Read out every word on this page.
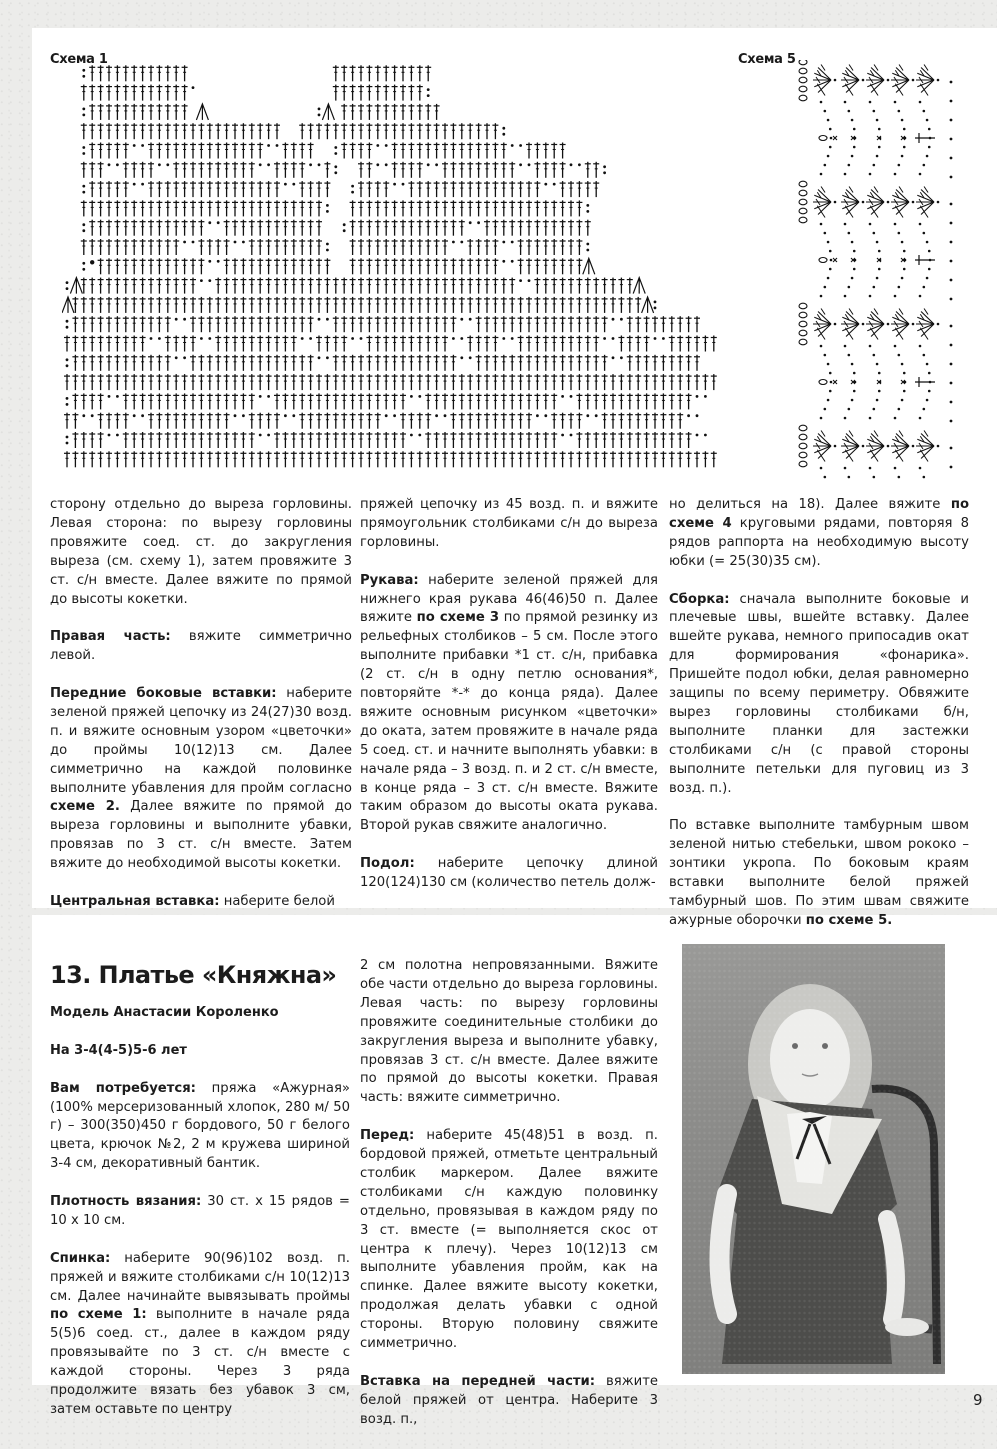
Схема 1	Схема 5

сторону отдельно до выреза горловины. Левая сторона: по вырезу горловины провяжите соед. ст. до закругления выреза (см. схему 1), затем провяжите 3 ст. с/н вместе. Далее вяжите по прямой до высоты кокетки.

Правая часть: вяжите симметрично левой.

Передние боковые вставки: наберите зеленой пряжей цепочку из 24(27)30 возд. п. и вяжите основным узором «цветочки» до проймы 10(12)13 см. Далее симметрично на каждой половинке выполните убавления для пройм согласно схеме 2. Далее вяжите по прямой до выреза горловины и выполните убавки, провязав по 3 ст. с/н вместе. Затем вяжите до необходимой высоты кокетки.

Центральная вставка: наберите белой

пряжей цепочку из 45 возд. п. и вяжите прямоугольник столбиками с/н до выреза горловины.

Рукава: наберите зеленой пряжей для нижнего края рукава 46(46)50 п. Далее вяжите по схеме 3 по прямой резинку из рельефных столбиков – 5 см. После этого выполните прибавки *1 ст. с/н, прибавка (2 ст. с/н в одну петлю основания*, повторяйте *-* до конца ряда). Далее вяжите основным рисунком «цветочки» до оката, затем провяжите в начале ряда 5 соед. ст. и начните выполнять убавки: в начале ряда – 3 возд. п. и 2 ст. с/н вместе, в конце ряда – 3 ст. с/н вместе. Вяжите таким образом до высоты оката рукава. Второй рукав свяжите аналогично.

Подол: наберите цепочку длиной 120(124)130 см (количество петель долж-

но делиться на 18). Далее вяжите по схеме 4 круговыми рядами, повторяя 8 рядов раппорта на необходимую высоту юбки (= 25(30)35 см).

Сборка: сначала выполните боковые и плечевые швы, вшейте вставку. Далее вшейте рукава, немного припосадив окат для формирования «фонарика». Пришейте подол юбки, делая равномерно защипы по всему периметру. Обвяжите вырез горловины столбиками б/н, выполните планки для застежки столбиками с/н (с правой стороны выполните петельки для пуговиц из 3 возд. п.).

По вставке выполните тамбурным швом зеленой нитью стебельки, швом рококо – зонтики укропа. По боковым краям вставки выполните белой пряжей тамбурный шов. По этим швам свяжите ажурные оборочки по схеме 5.

13. Платье «Княжна»

Модель Анастасии Короленко

На 3-4(4-5)5-6 лет

Вам потребуется: пряжа «Ажурная» (100% мерсеризованный хлопок, 280 м/ 50 г) – 300(350)450 г бордового, 50 г белого цвета, крючок №2, 2 м кружева шириной 3-4 см, декоративный бантик.

Плотность вязания: 30 ст. х 15 рядов = 10 х 10 см.

Спинка: наберите 90(96)102 возд. п. пряжей и вяжите столбиками с/н 10(12)13 см. Далее начинайте вывязывать проймы по схеме 1: выполните в начале ряда 5(5)6 соед. ст., далее в каждом ряду провязывайте по 3 ст. с/н вместе с каждой стороны. Через 3 ряда продолжите вязать без убавок 3 см, затем оставьте по центру

2 см полотна непровязанными. Вяжите обе части отдельно до выреза горловины. Левая часть: по вырезу горловины провяжите соединительные столбики до закругления выреза и выполните убавку, провязав 3 ст. с/н вместе. Далее вяжите по прямой до высоты кокетки. Правая часть: вяжите симметрично.

Перед: наберите 45(48)51 в возд. п. бордовой пряжей, отметьте центральный столбик маркером. Далее вяжите столбиками с/н каждую половинку отдельно, провязывая в каждом ряду по 3 ст. вместе (= выполняется скос от центра к плечу). Через 10(12)13 см выполните убавления пройм, как на спинке. Далее вяжите высоту кокетки, продолжая делать убавки с одной стороны. Вторую половину свяжите симметрично.

Вставка на передней части: вяжите белой пряжей от центра. Наберите 3 возд. п.,

9
